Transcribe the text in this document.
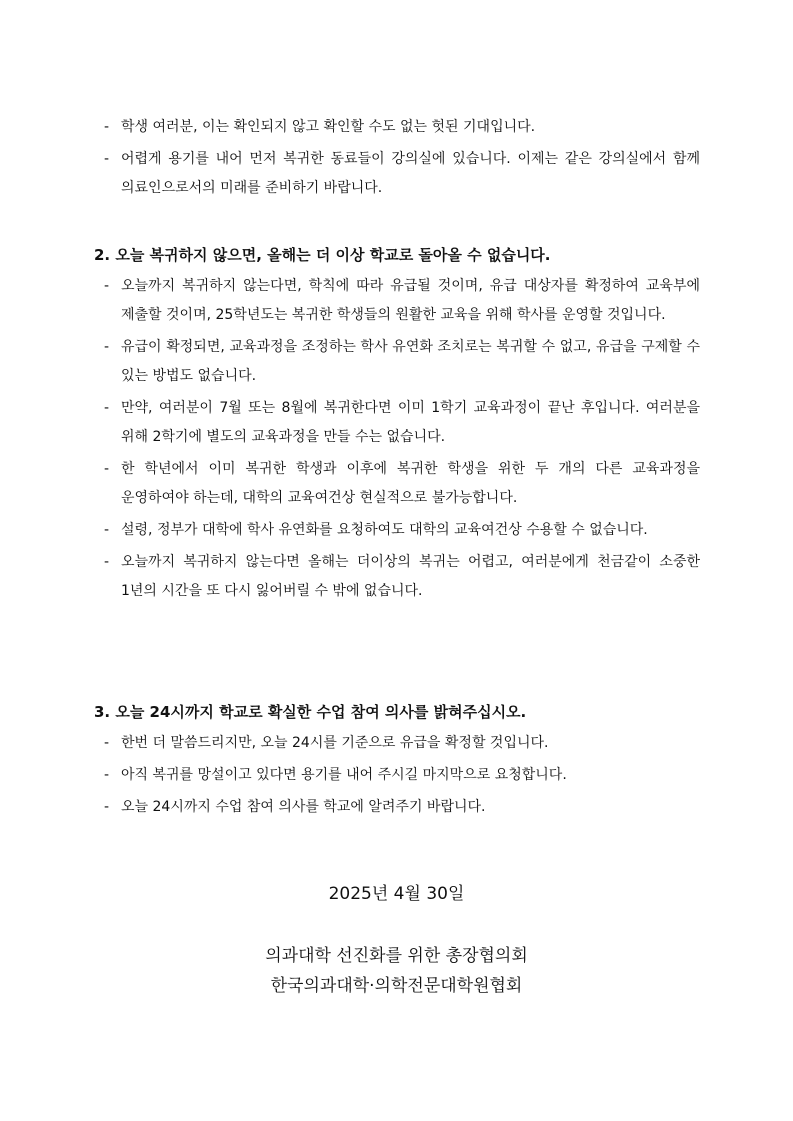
- 학생 여러분, 이는 확인되지 않고 확인할 수도 없는 헛된 기대입니다.
- 어렵게 용기를 내어 먼저 복귀한 동료들이 강의실에 있습니다. 이제는 같은 강의실에서 함께 의료인으로서의 미래를 준비하기 바랍니다.
2. 오늘 복귀하지 않으면, 올해는 더 이상 학교로 돌아올 수 없습니다.
- 오늘까지 복귀하지 않는다면, 학칙에 따라 유급될 것이며, 유급 대상자를 확정하여 교육부에 제출할 것이며, 25학년도는 복귀한 학생들의 원활한 교육을 위해 학사를 운영할 것입니다.
- 유급이 확정되면, 교육과정을 조정하는 학사 유연화 조치로는 복귀할 수 없고, 유급을 구제할 수 있는 방법도 없습니다.
- 만약, 여러분이 7월 또는 8월에 복귀한다면 이미 1학기 교육과정이 끝난 후입니다. 여러분을 위해 2학기에 별도의 교육과정을 만들 수는 없습니다.
- 한 학년에서 이미 복귀한 학생과 이후에 복귀한 학생을 위한 두 개의 다른 교육과정을 운영하여야 하는데, 대학의 교육여건상 현실적으로 불가능합니다.
- 설령, 정부가 대학에 학사 유연화를 요청하여도 대학의 교육여건상 수용할 수 없습니다.
- 오늘까지 복귀하지 않는다면 올해는 더이상의 복귀는 어렵고, 여러분에게 천금같이 소중한 1년의 시간을 또 다시 잃어버릴 수 밖에 없습니다.
3. 오늘 24시까지 학교로 확실한 수업 참여 의사를 밝혀주십시오.
- 한번 더 말씀드리지만, 오늘 24시를 기준으로 유급을 확정할 것입니다.
- 아직 복귀를 망설이고 있다면 용기를 내어 주시길 마지막으로 요청합니다.
- 오늘 24시까지 수업 참여 의사를 학교에 알려주기 바랍니다.
2025년 4월 30일
의과대학 선진화를 위한 총장협의회
한국의과대학·의학전문대학원협회
